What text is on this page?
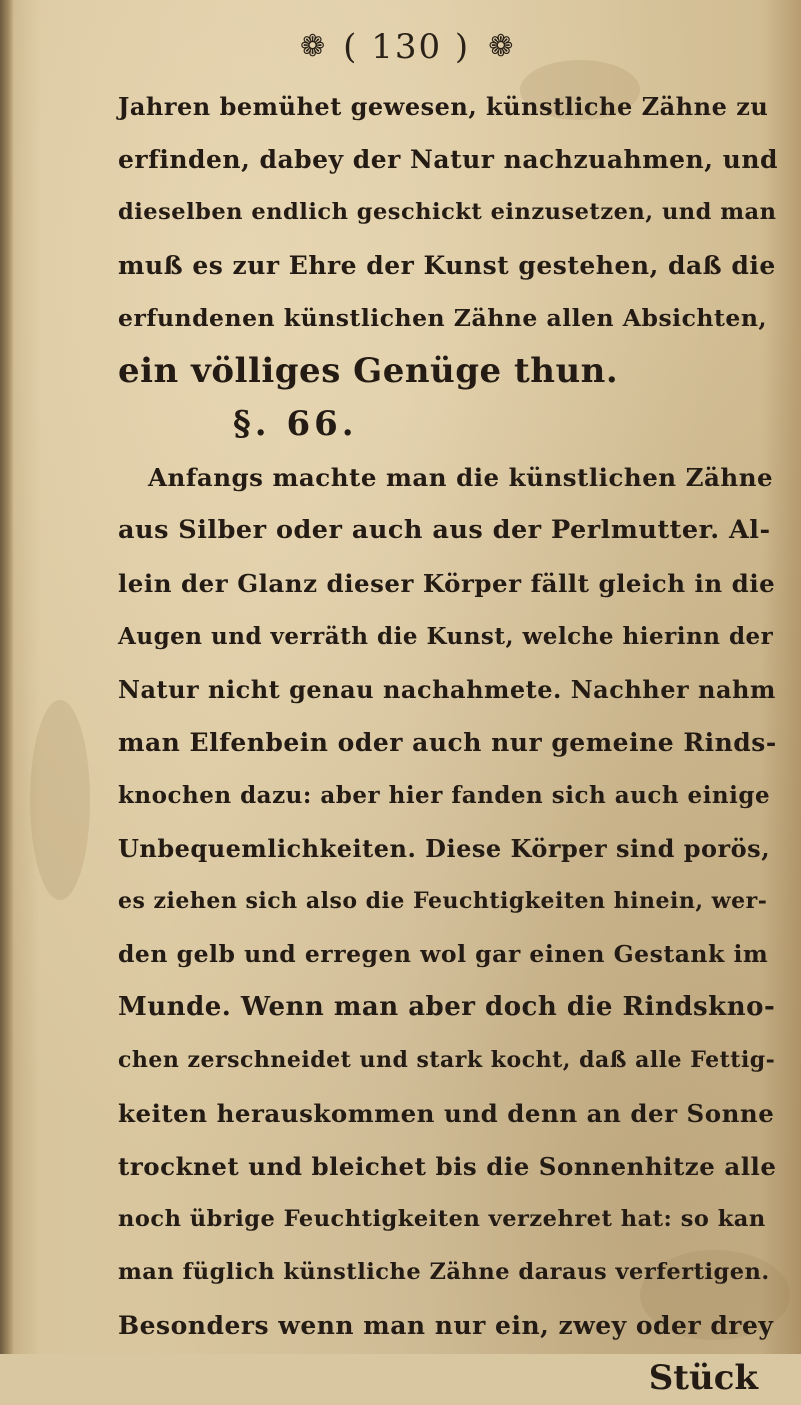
❁ ( 130 ) ❁
Jahren bemühet gewesen, künstliche Zähne zu
erfinden, dabey der Natur nachzuahmen, und
dieselben endlich geschickt einzusetzen, und man
muß es zur Ehre der Kunst gestehen, daß die
erfundenen künstlichen Zähne allen Absichten,
ein völliges Genüge thun.
§. 66.
Anfangs machte man die künstlichen Zähne
aus Silber oder auch aus der Perlmutter. Al-
lein der Glanz dieser Körper fällt gleich in die
Augen und verräth die Kunst, welche hierinn der
Natur nicht genau nachahmete. Nachher nahm
man Elfenbein oder auch nur gemeine Rinds-
knochen dazu: aber hier fanden sich auch einige
Unbequemlichkeiten. Diese Körper sind porös,
es ziehen sich also die Feuchtigkeiten hinein, wer-
den gelb und erregen wol gar einen Gestank im
Munde. Wenn man aber doch die Rindskno-
chen zerschneidet und stark kocht, daß alle Fettig-
keiten herauskommen und denn an der Sonne
trocknet und bleichet bis die Sonnenhitze alle
noch übrige Feuchtigkeiten verzehret hat: so kan
man füglich künstliche Zähne daraus verfertigen.
Besonders wenn man nur ein, zwey oder drey
Stück
